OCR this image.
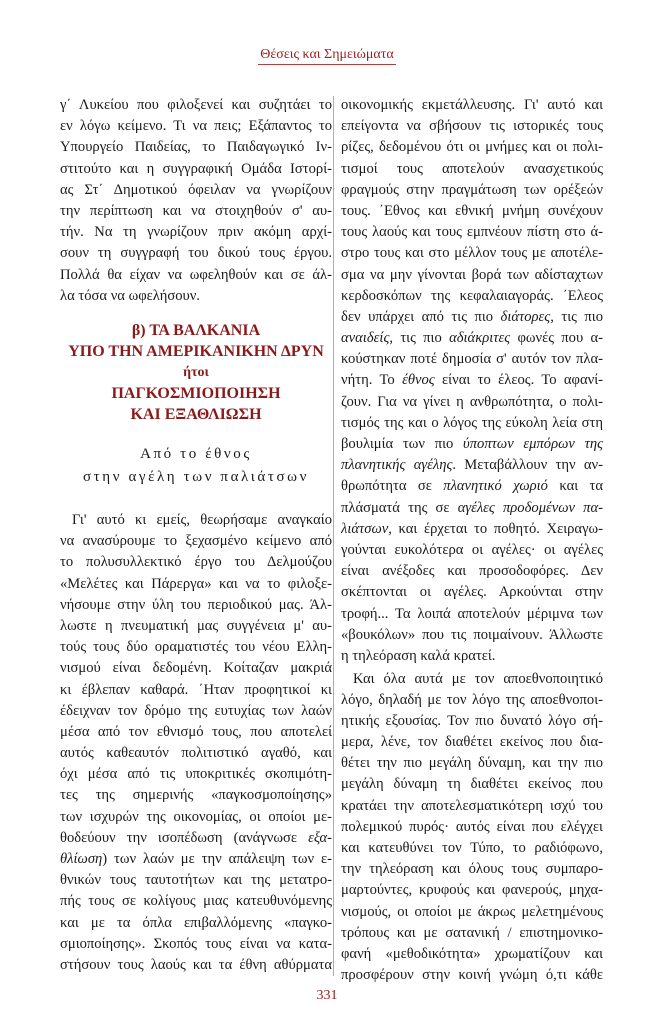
Θέσεις και Σημειώματα
γ΄ Λυκείου που φιλοξενεί και συζητάει το
εν λόγω κείμενο. Τι να πεις; Εξάπαντος το
Υπουργείο Παιδείας, το Παιδαγωγικό Ιν-
στιτούτο και η συγγραφική Ομάδα Ιστορί-
ας Στ΄ Δημοτικού όφειλαν να γνωρίζουν
την περίπτωση και να στοιχηθούν σ' αυ-
τήν. Να τη γνωρίζουν πριν ακόμη αρχί-
σουν τη συγγραφή του δικού τους έργου.
Πολλά θα είχαν να ωφεληθούν και σε άλ-
λα τόσα να ωφελήσουν.
β) ΤΑ ΒΑΛΚΑΝΙΑ
ΥΠΟ ΤΗΝ ΑΜΕΡΙΚΑΝΙΚΗΝ ΔΡΥΝ
ήτοι
ΠΑΓΚΟΣΜΙΟΠΟΙΗΣΗ
ΚΑΙ ΕΞΑΘΛΙΩΣΗ
Από το έθνος
στην αγέλη των παλιάτσων
Γι' αυτό κι εμείς, θεωρήσαμε αναγκαίο
να ανασύρουμε το ξεχασμένο κείμενο από
το πολυσυλλεκτικό έργο του Δελμούζου
«Μελέτες και Πάρεργα» και να το φιλοξε-
νήσουμε στην ύλη του περιοδικού μας. Άλ-
λωστε η πνευματική μας συγγένεια μ' αυ-
τούς τους δύο οραματιστές του νέου Ελλη-
νισμού είναι δεδομένη. Κοίταζαν μακριά
κι έβλεπαν καθαρά. ΄Ηταν προφητικοί κι
έδειχναν τον δρόμο της ευτυχίας των λαών
μέσα από τον εθνισμό τους, που αποτελεί
αυτός καθεαυτόν πολιτιστικό αγαθό, και
όχι μέσα από τις υποκριτικές σκοπιμότη-
τες της σημερινής «παγκοσμοποίησης»
των ισχυρών της οικονομίας, οι οποίοι με-
θοδεύουν την ισοπέδωση (ανάγνωσε εξα-
θλίωση) των λαών με την απάλειψη των ε-
θνικών τους ταυτοτήτων και της μετατρο-
πής τους σε κολίγους μιας κατευθυνόμενης
και με τα όπλα επιβαλλόμενης «παγκο-
σμιοποίησης». Σκοπός τους είναι να κατα-
στήσουν τους λαούς και τα έθνη αθύρματα
οικονομικής εκμετάλλευσης. Γι' αυτό και
επείγοντα να σβήσουν τις ιστορικές τους
ρίζες, δεδομένου ότι οι μνήμες και οι πολι-
τισμοί τους αποτελούν ανασχετικούς
φραγμούς στην πραγμάτωση των ορέξεών
τους. ΄Εθνος και εθνική μνήμη συνέχουν
τους λαούς και τους εμπνέουν πίστη στο ά-
στρο τους και στο μέλλον τους με αποτέλε-
σμα να μην γίνονται βορά των αδίσταχτων
κερδοσκόπων της κεφαλαιαγοράς. ΄Ελεος
δεν υπάρχει από τις πιο διάτορες, τις πιο
αναιδείς, τις πιο αδιάκριτες φωνές που α-
κούστηκαν ποτέ δημοσία σ' αυτόν τον πλα-
νήτη. Το έθνος είναι το έλεος. Το αφανί-
ζουν. Για να γίνει η ανθρωπότητα, ο πολι-
τισμός της και ο λόγος της εύκολη λεία στη
βουλιμία των πιο ύποπτων εμπόρων της
πλανητικής αγέλης. Μεταβάλλουν την αν-
θρωπότητα σε πλανητικό χωριό και τα
πλάσματά της σε αγέλες προδομένων πα-
λιάτσων, και έρχεται το ποθητό. Χειραγω-
γούνται ευκολότερα οι αγέλες· οι αγέλες
είναι ανέξοδες και προσοδοφόρες. Δεν
σκέπτονται οι αγέλες. Αρκούνται στην
τροφή... Τα λοιπά αποτελούν μέριμνα των
«βουκόλων» που τις ποιμαίνουν. Άλλωστε
η τηλεόραση καλά κρατεί.
Και όλα αυτά με τον αποεθνοποιητικό
λόγο, δηλαδή με τον λόγο της αποεθνοποι-
ητικής εξουσίας. Τον πιο δυνατό λόγο σή-
μερα, λένε, τον διαθέτει εκείνος που δια-
θέτει την πιο μεγάλη δύναμη, και την πιο
μεγάλη δύναμη τη διαθέτει εκείνος που
κρατάει την αποτελεσματικότερη ισχύ του
πολεμικού πυρός· αυτός είναι που ελέγχει
και κατευθύνει τον Τύπο, το ραδιόφωνο,
την τηλεόραση και όλους τους συμπαρο-
μαρτούντες, κρυφούς και φανερούς, μηχα-
νισμούς, οι οποίοι με άκρως μελετημένους
τρόπους και με σατανική / επιστημονικο-
φανή «μεθοδικότητα» χρωματίζουν και
προσφέρουν στην κοινή γνώμη ό,τι κάθε
331
